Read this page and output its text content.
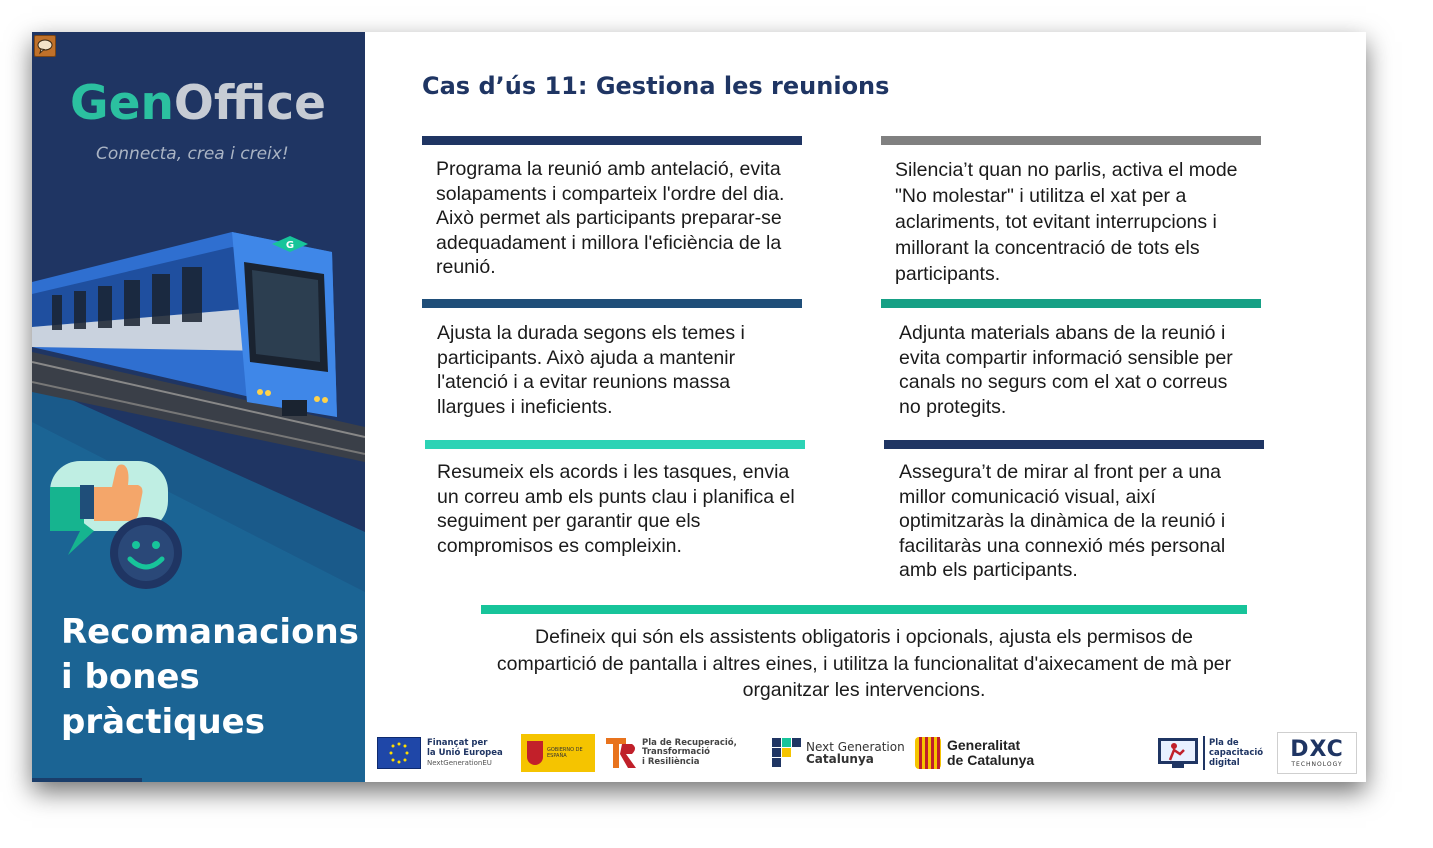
GenOffice
Connecta, crea i creix!
G
Recomanacions
i bones
pràctiques
Cas d’ús 11: Gestiona les reunions

Programa la reunió amb antelació, evita solapaments i comparteix l'ordre del dia. Això permet als participants preparar-se adequadament i millora l'eficiència de la reunió.

Silencia’t quan no parlis, activa el mode "No molestar" i utilitza el xat per a aclariments, tot evitant interrupcions i millorant la concentració de tots els participants.

Ajusta la durada segons els temes i participants. Això ajuda a mantenir l'atenció i a evitar reunions massa llargues i ineficients.

Adjunta materials abans de la reunió i evita compartir informació sensible per canals no segurs com el xat o correus no protegits.

Resumeix els acords i les tasques, envia un correu amb els punts clau i planifica el seguiment per garantir que els compromisos es compleixin.

Assegura’t de mirar al front per a una millor comunicació visual, així optimitzaràs la dinàmica de la reunió i facilitaràs una connexió més personal amb els participants.

Defineix qui són els assistents obligatoris i opcionals, ajusta els permisos de compartició de pantalla i altres eines, i utilitza la funcionalitat d'aixecament de mà per organitzar les intervencions.

Finançat per
la Unió Europea
NextGenerationEU
GOBIERNO DE ESPAÑA
Pla de Recuperació,
Transformació
i Resiliència
Next Generation
Catalunya
Generalitat
de Catalunya
Pla de
capacitació
digital
DXC
TECHNOLOGY
